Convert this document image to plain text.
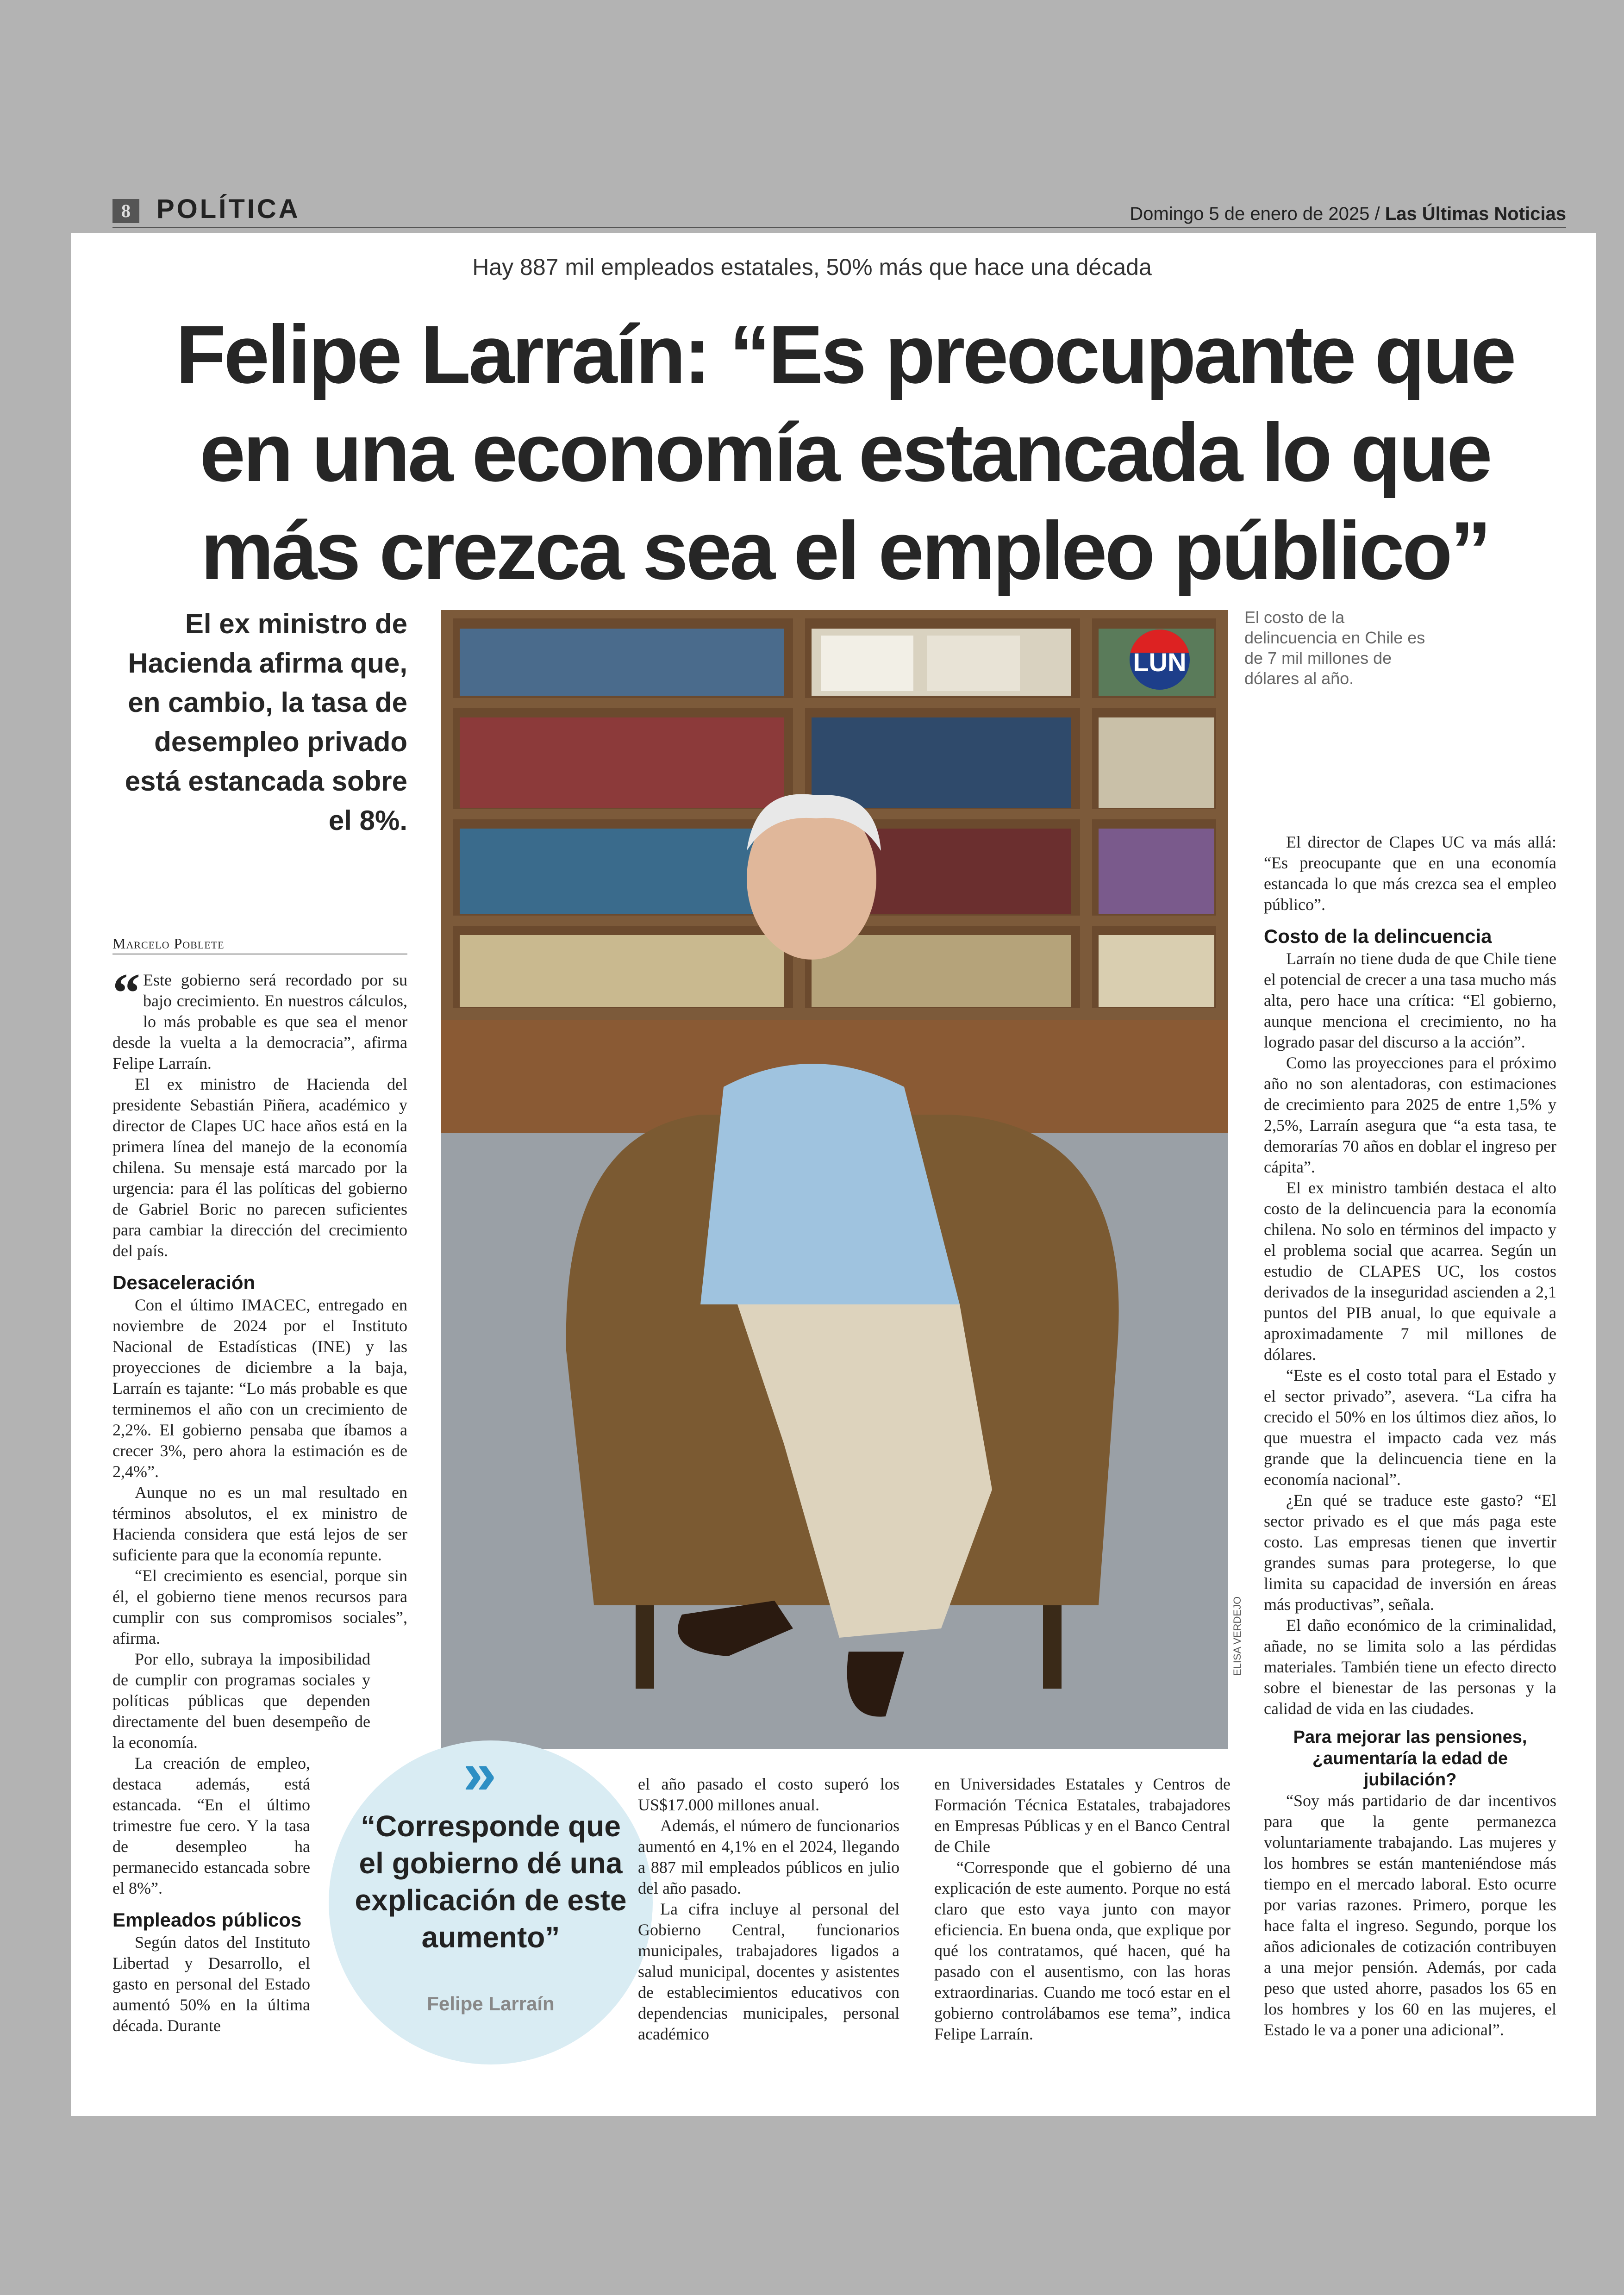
8 POLÍTICA	Domingo 5 de enero de 2025 / Las Últimas Noticias
Hay 887 mil empleados estatales, 50% más que hace una década
Felipe Larraín: “Es preocupante que en una economía estancada lo que más crezca sea el empleo público”
El ex ministro de Hacienda afirma que, en cambio, la tasa de desempleo privado está estancada sobre el 8%.
Marcelo Poblete
LUN
ELISA VERDEJO
El costo de la delincuencia en Chile es de 7 mil millones de dólares al año.

“ Este gobierno será recordado por su bajo crecimiento. En nuestros cálculos, lo más probable es que sea el menor desde la vuelta a la democracia”, afirma Felipe Larraín.

El ex ministro de Hacienda del presidente Sebastián Piñera, académico y director de Clapes UC hace años está en la primera línea del manejo de la economía chilena. Su mensaje está marcado por la urgencia: para él las políticas del gobierno de Gabriel Boric no parecen suficientes para cambiar la dirección del crecimiento del país.

Desaceleración

Con el último IMACEC, entregado en noviembre de 2024 por el Instituto Nacional de Estadísticas (INE) y las proyecciones de diciembre a la baja, Larraín es tajante: “Lo más probable es que terminemos el año con un crecimiento de 2,2%. El gobierno pensaba que íbamos a crecer 3%, pero ahora la estimación es de 2,4%”.

Aunque no es un mal resultado en términos absolutos, el ex ministro de Hacienda considera que está lejos de ser suficiente para que la economía repunte.

“El crecimiento es esencial, porque sin él, el gobierno tiene menos recursos para cumplir con sus compromisos sociales”, afirma.

Por ello, subraya la imposibilidad de cumplir con programas sociales y políticas públicas que dependen directamente del buen desempeño de la economía.

La creación de empleo, destaca además, está estancada. “En el último trimestre fue cero. Y la tasa de desempleo ha permanecido estancada sobre el 8%”.

Empleados públicos

Según datos del Instituto Libertad y Desarrollo, el gasto en personal del Estado aumentó 50% en la última década. Durante

»
“Corresponde que el gobierno dé una explicación de este aumento”
Felipe Larraín

el año pasado el costo superó los US$17.000 millones anual.

Además, el número de funcionarios aumentó en 4,1% en el 2024, llegando a 887 mil empleados públicos en julio del año pasado.

La cifra incluye al personal del Gobierno Central, funcionarios municipales, trabajadores ligados a salud municipal, docentes y asistentes de establecimientos educativos con dependencias municipales, personal académico

en Universidades Estatales y Centros de Formación Técnica Estatales, trabajadores en Empresas Públicas y en el Banco Central de Chile

“Corresponde que el gobierno dé una explicación de este aumento. Porque no está claro que esto vaya junto con mayor eficiencia. En buena onda, que explique por qué los contratamos, qué hacen, qué ha pasado con el ausentismo, con las horas extraordinarias. Cuando me tocó estar en el gobierno controlábamos ese tema”, indica Felipe Larraín.

El director de Clapes UC va más allá: “Es preocupante que en una economía estancada lo que más crezca sea el empleo público”.

Costo de la delincuencia

Larraín no tiene duda de que Chile tiene el potencial de crecer a una tasa mucho más alta, pero hace una crítica: “El gobierno, aunque menciona el crecimiento, no ha logrado pasar del discurso a la acción”.

Como las proyecciones para el próximo año no son alentadoras, con estimaciones de crecimiento para 2025 de entre 1,5% y 2,5%, Larraín asegura que “a esta tasa, te demorarías 70 años en doblar el ingreso per cápita”.

El ex ministro también destaca el alto costo de la delincuencia para la economía chilena. No solo en términos del impacto y el problema social que acarrea. Según un estudio de CLAPES UC, los costos derivados de la inseguridad ascienden a 2,1 puntos del PIB anual, lo que equivale a aproximadamente 7 mil millones de dólares.

“Este es el costo total para el Estado y el sector privado”, asevera. “La cifra ha crecido el 50% en los últimos diez años, lo que muestra el impacto cada vez más grande que la delincuencia tiene en la economía nacional”.

¿En qué se traduce este gasto? “El sector privado es el que más paga este costo. Las empresas tienen que invertir grandes sumas para protegerse, lo que limita su capacidad de inversión en áreas más productivas”, señala.

El daño económico de la criminalidad, añade, no se limita solo a las pérdidas materiales. También tiene un efecto directo sobre el bienestar de las personas y la calidad de vida en las ciudades.

Para mejorar las pensiones, ¿aumentaría la edad de jubilación?

“Soy más partidario de dar incentivos para que la gente permanezca voluntariamente trabajando. Las mujeres y los hombres se están manteniéndose más tiempo en el mercado laboral. Esto ocurre por varias razones. Primero, porque les hace falta el ingreso. Segundo, porque los años adicionales de cotización contribuyen a una mejor pensión. Además, por cada peso que usted ahorre, pasados los 65 en los hombres y los 60 en las mujeres, el Estado le va a poner una adicional”.
